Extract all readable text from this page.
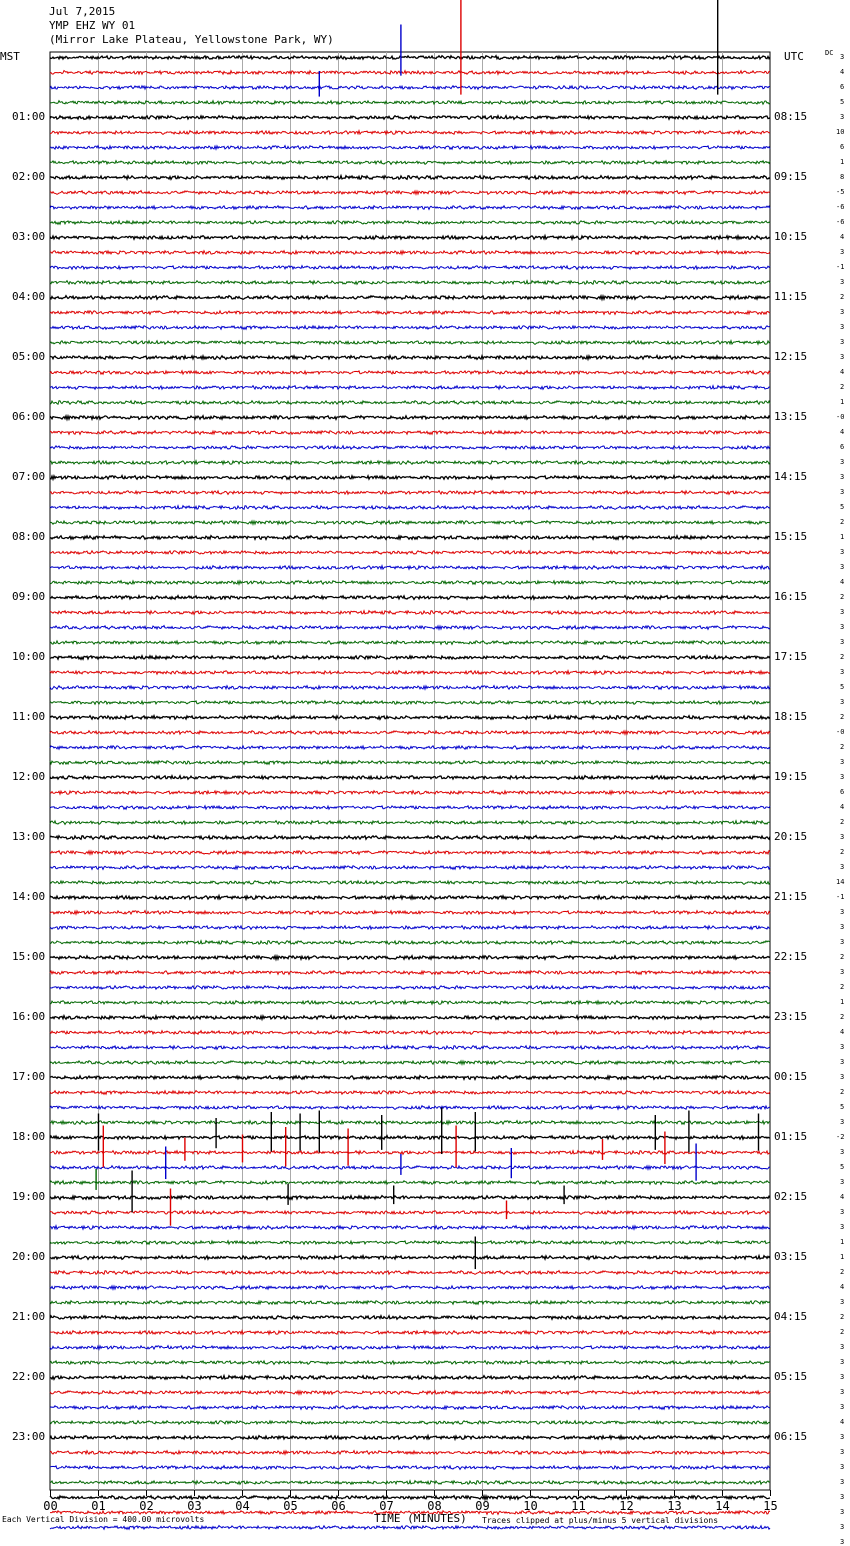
Jul 7,2015
YMP EHZ WY 01
(Mirror Lake Plateau, Yellowstone Park, WY)
MST	UTC	DC
00	01	02	03	04	05	06	07	08	09	10	11	12	13	14	15
01:00
02:00
03:00
04:00
05:00
06:00
07:00
08:00
09:00
10:00
11:00
12:00
13:00
14:00
15:00
16:00
17:00
18:00
19:00
20:00
21:00
22:00
23:00
08:15
09:15
10:15
11:15
12:15
13:15
14:15
15:15
16:15
17:15
18:15
19:15
20:15
21:15
22:15
23:15
00:15
01:15
02:15
03:15
04:15
05:15
06:15
3
4
6
5
3
10
6
1
8
-5
-6
-6
4
3
-1
3
2
3
3
3
3
4
2
1
-0
4
6
3
3
3
5
2
1
3
3
4
2
3
3
3
2
3
5
3
2
-0
2
3
3
6
4
2
3
2
3
14
-1
3
3
3
2
3
2
1
2
4
3
3
3
2
5
3
-2
3
5
3
4
3
3
1
1
2
4
3
2
2
3
3
3
3
3
4
3
3
3
3
3
3
3
3
Each Vertical Division = 400.00 microvolts	TIME (MINUTES) Traces clipped at plus/minus 5 vertical divisions
